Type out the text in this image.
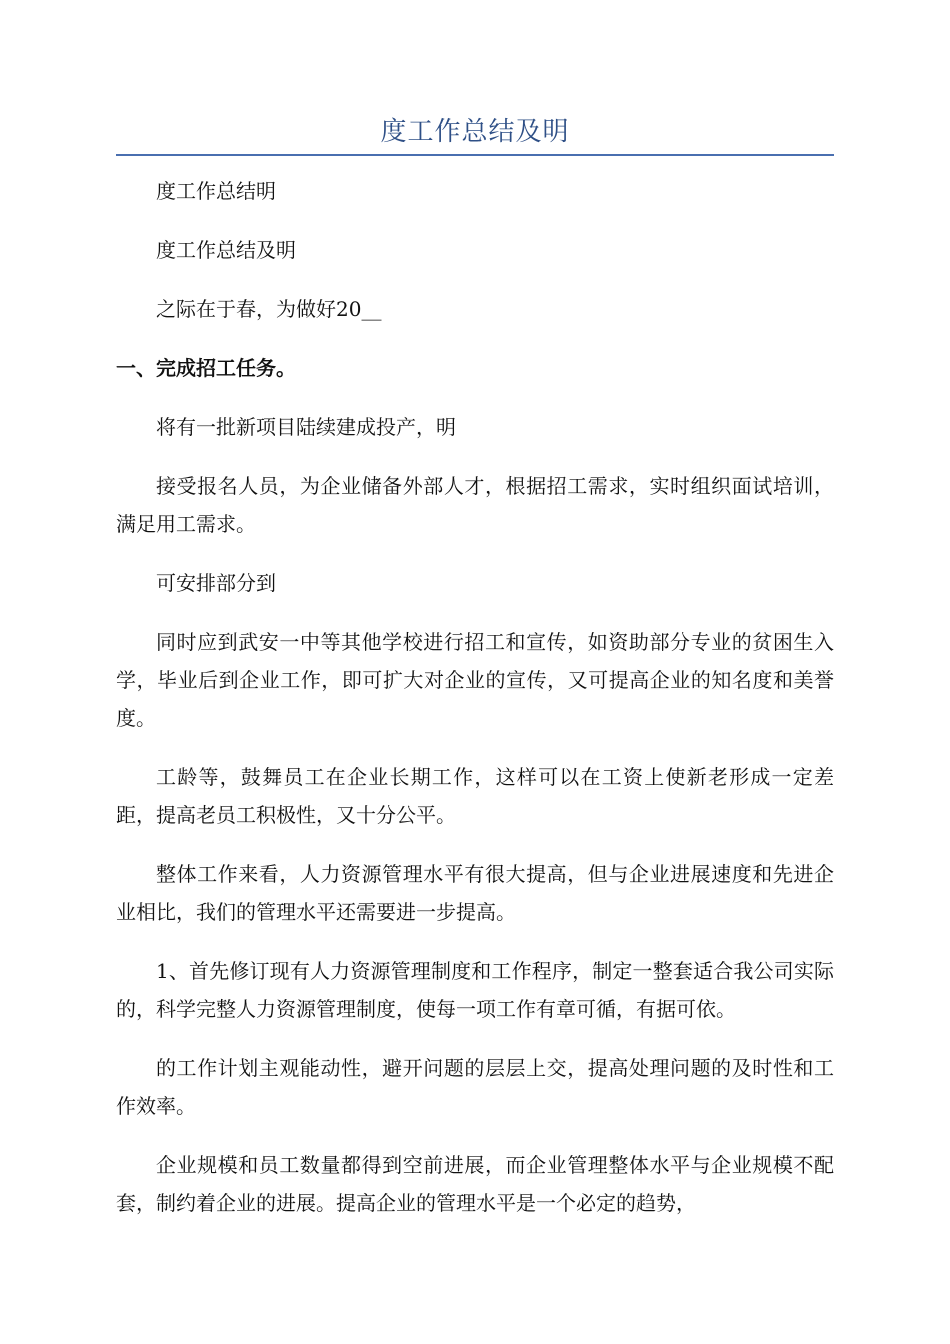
度工作总结及明

度工作总结明

度工作总结及明

之际在于春，为做好20__

一、完成招工任务。

将有一批新项目陆续建成投产，明

接受报名人员，为企业储备外部人才，根据招工需求，实时组织面试培训，满足用工需求。

可安排部分到

同时应到武安一中等其他学校进行招工和宣传，如资助部分专业的贫困生入学，毕业后到企业工作，即可扩大对企业的宣传，又可提高企业的知名度和美誉度。

工龄等，鼓舞员工在企业长期工作，这样可以在工资上使新老形成一定差距，提高老员工积极性，又十分公平。

整体工作来看，人力资源管理水平有很大提高，但与企业进展速度和先进企业相比，我们的管理水平还需要进一步提高。

1、首先修订现有人力资源管理制度和工作程序，制定一整套适合我公司实际的，科学完整人力资源管理制度，使每一项工作有章可循，有据可依。

的工作计划主观能动性，避开问题的层层上交，提高处理问题的及时性和工作效率。

企业规模和员工数量都得到空前进展，而企业管理整体水平与企业规模不配套，制约着企业的进展。提高企业的管理水平是一个必定的趋势，
